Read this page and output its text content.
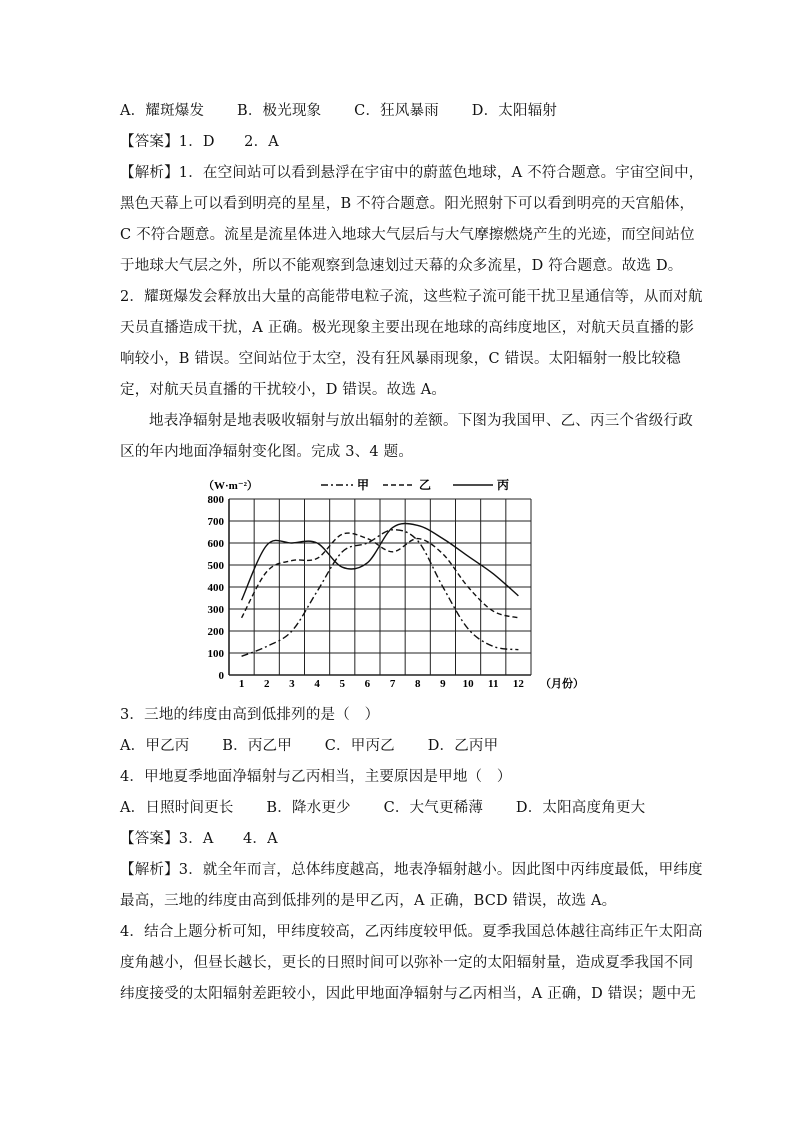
A．耀斑爆发 B．极光现象 C．狂风暴雨 D．太阳辐射
【答案】1．D　　2．A
【解析】1．在空间站可以看到悬浮在宇宙中的蔚蓝色地球，A 不符合题意。宇宙空间中，
黑色天幕上可以看到明亮的星星，B 不符合题意。阳光照射下可以看到明亮的天宫船体，
C 不符合题意。流星是流星体进入地球大气层后与大气摩擦燃烧产生的光迹，而空间站位
于地球大气层之外，所以不能观察到急速划过天幕的众多流星，D 符合题意。故选 D。
2．耀斑爆发会释放出大量的高能带电粒子流，这些粒子流可能干扰卫星通信等，从而对航
天员直播造成干扰，A 正确。极光现象主要出现在地球的高纬度地区，对航天员直播的影
响较小，B 错误。空间站位于太空，没有狂风暴雨现象，C 错误。太阳辐射一般比较稳
定，对航天员直播的干扰较小，D 错误。故选 A。
地表净辐射是地表吸收辐射与放出辐射的差额。下图为我国甲、乙、丙三个省级行政
区的年内地面净辐射变化图。完成 3、4 题。
（W·m⁻²）	甲	乙	丙
0
100
200
300
400
500
600
700
800
1 2 3 4 5 6 7 8 9 10 11 12 （月份）
3．三地的纬度由高到低排列的是（　）
A．甲乙丙 B．丙乙甲 C．甲丙乙 D．乙丙甲
4．甲地夏季地面净辐射与乙丙相当，主要原因是甲地（　）
A．日照时间更长 B．降水更少 C．大气更稀薄 D．太阳高度角更大
【答案】3．A　　4．A
【解析】3．就全年而言，总体纬度越高，地表净辐射越小。因此图中丙纬度最低，甲纬度
最高，三地的纬度由高到低排列的是甲乙丙，A 正确，BCD 错误，故选 A。
4．结合上题分析可知，甲纬度较高，乙丙纬度较甲低。夏季我国总体越往高纬正午太阳高
度角越小，但昼长越长，更长的日照时间可以弥补一定的太阳辐射量，造成夏季我国不同
纬度接受的太阳辐射差距较小，因此甲地面净辐射与乙丙相当，A 正确，D 错误；题中无
